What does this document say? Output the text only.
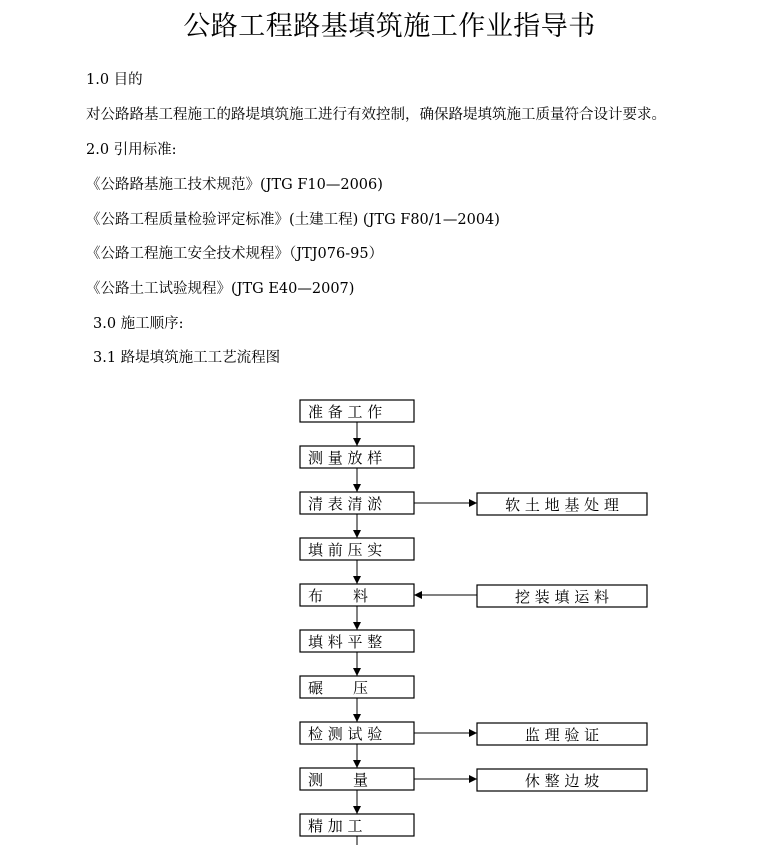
公路工程路基填筑施工作业指导书
1.0 目的
对公路路基工程施工的路堤填筑施工进行有效控制，确保路堤填筑施工质量符合设计要求。
2.0 引用标准:
《公路路基施工技术规范》(JTG F10—2006)
《公路工程质量检验评定标准》(土建工程) (JTG F80/1—2004)
《公路工程施工安全技术规程》（JTJ076-95）
《公路土工试验规程》(JTG E40—2007)
3.0 施工顺序:
3.1 路堤填筑施工工艺流程图
准 备 工 作
测 量 放 样
清 表 清 淤
填 前 压 实
布　　料
填 料 平 整
碾　　压
检 测 试 验
测　　量
精 加 工
软 土 地 基 处 理
挖 装 填 运 料
监 理 验 证
休 整 边 坡
